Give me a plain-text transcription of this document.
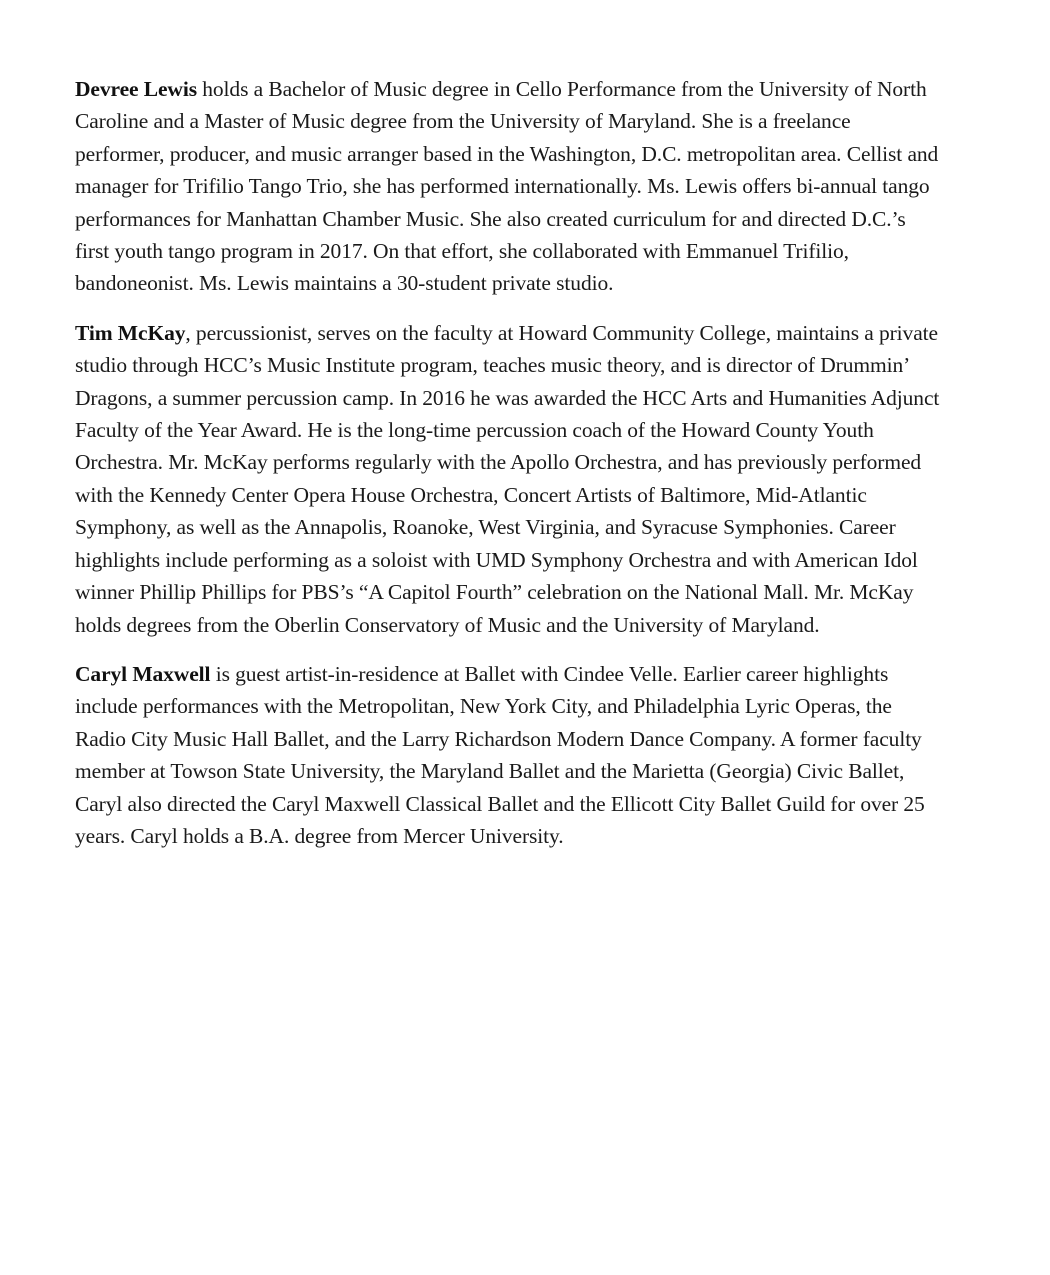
Devree Lewis holds a Bachelor of Music degree in Cello Performance from the University of North Caroline and a Master of Music degree from the University of Maryland. She is a freelance performer, producer, and music arranger based in the Washington, D.C. metropolitan area. Cellist and manager for Trifilio Tango Trio, she has performed internationally. Ms. Lewis offers bi-annual tango performances for Manhattan Chamber Music. She also created curriculum for and directed D.C.’s first youth tango program in 2017. On that effort, she collaborated with Emmanuel Trifilio, bandoneonist. Ms. Lewis maintains a 30-student private studio.

Tim McKay, percussionist, serves on the faculty at Howard Community College, maintains a private studio through HCC’s Music Institute program, teaches music theory, and is director of Drummin’ Dragons, a summer percussion camp. In 2016 he was awarded the HCC Arts and Humanities Adjunct Faculty of the Year Award. He is the long-time percussion coach of the Howard County Youth Orchestra. Mr. McKay performs regularly with the Apollo Orchestra, and has previously performed with the Kennedy Center Opera House Orchestra, Concert Artists of Baltimore, Mid-Atlantic Symphony, as well as the Annapolis, Roanoke, West Virginia, and Syracuse Symphonies. Career highlights include performing as a soloist with UMD Symphony Orchestra and with American Idol winner Phillip Phillips for PBS’s “A Capitol Fourth” celebration on the National Mall. Mr. McKay holds degrees from the Oberlin Conservatory of Music and the University of Maryland.

Caryl Maxwell is guest artist-in-residence at Ballet with Cindee Velle. Earlier career highlights include performances with the Metropolitan, New York City, and Philadelphia Lyric Operas, the Radio City Music Hall Ballet, and the Larry Richardson Modern Dance Company. A former faculty member at Towson State University, the Maryland Ballet and the Marietta (Georgia) Civic Ballet, Caryl also directed the Caryl Maxwell Classical Ballet and the Ellicott City Ballet Guild for over 25 years. Caryl holds a B.A. degree from Mercer University.
